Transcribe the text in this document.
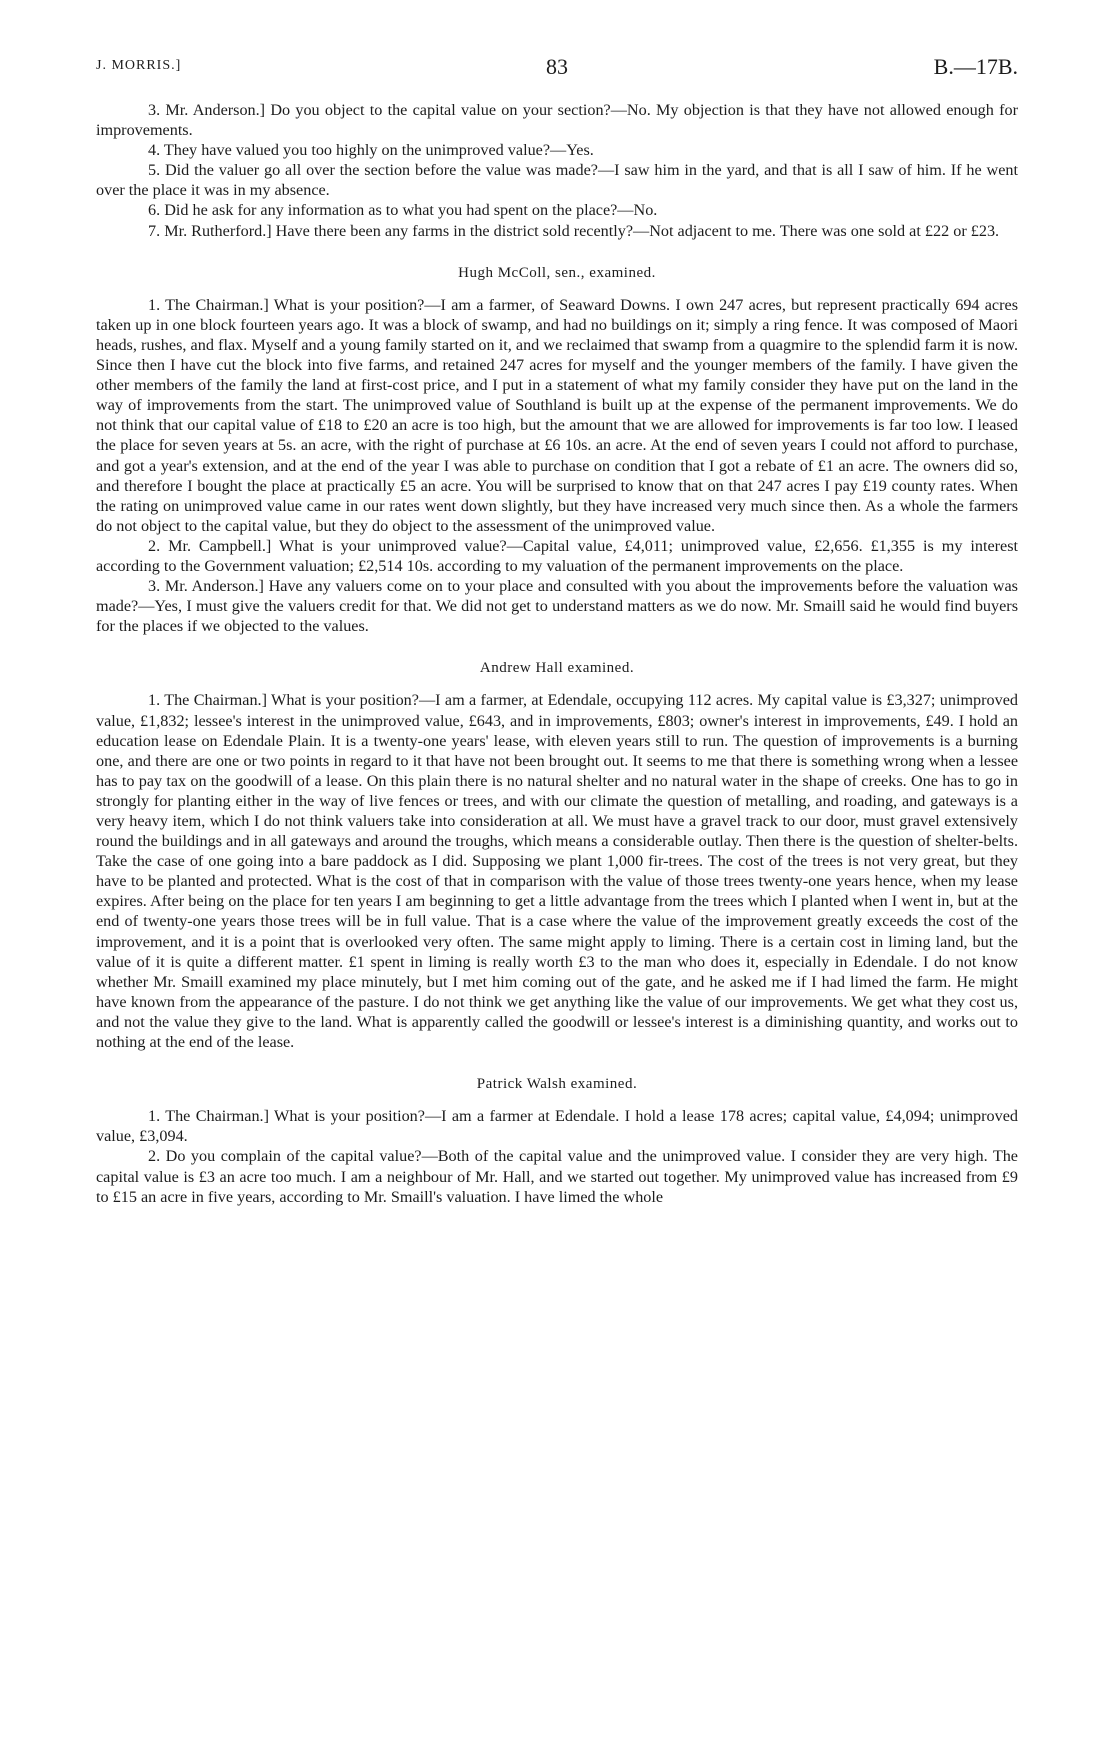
J. MORRIS.]	83	B.—17B.

3. Mr. Anderson.] Do you object to the capital value on your section?—No. My objection is that they have not allowed enough for improvements.

4. They have valued you too highly on the unimproved value?—Yes.

5. Did the valuer go all over the section before the value was made?—I saw him in the yard, and that is all I saw of him. If he went over the place it was in my absence.

6. Did he ask for any information as to what you had spent on the place?—No.

7. Mr. Rutherford.] Have there been any farms in the district sold recently?—Not adjacent to me. There was one sold at £22 or £23.

Hugh McColl, sen., examined.

1. The Chairman.] What is your position?—I am a farmer, of Seaward Downs. I own 247 acres, but represent practically 694 acres taken up in one block fourteen years ago. It was a block of swamp, and had no buildings on it; simply a ring fence. It was composed of Maori heads, rushes, and flax. Myself and a young family started on it, and we reclaimed that swamp from a quagmire to the splendid farm it is now. Since then I have cut the block into five farms, and retained 247 acres for myself and the younger members of the family. I have given the other members of the family the land at first-cost price, and I put in a statement of what my family consider they have put on the land in the way of improvements from the start. The unimproved value of Southland is built up at the expense of the permanent improvements. We do not think that our capital value of £18 to £20 an acre is too high, but the amount that we are allowed for improvements is far too low. I leased the place for seven years at 5s. an acre, with the right of purchase at £6 10s. an acre. At the end of seven years I could not afford to purchase, and got a year's extension, and at the end of the year I was able to purchase on condition that I got a rebate of £1 an acre. The owners did so, and therefore I bought the place at practically £5 an acre. You will be surprised to know that on that 247 acres I pay £19 county rates. When the rating on unimproved value came in our rates went down slightly, but they have increased very much since then. As a whole the farmers do not object to the capital value, but they do object to the assessment of the unimproved value.

2. Mr. Campbell.] What is your unimproved value?—Capital value, £4,011; unimproved value, £2,656. £1,355 is my interest according to the Government valuation; £2,514 10s. according to my valuation of the permanent improvements on the place.

3. Mr. Anderson.] Have any valuers come on to your place and consulted with you about the improvements before the valuation was made?—Yes, I must give the valuers credit for that. We did not get to understand matters as we do now. Mr. Smaill said he would find buyers for the places if we objected to the values.

Andrew Hall examined.

1. The Chairman.] What is your position?—I am a farmer, at Edendale, occupying 112 acres. My capital value is £3,327; unimproved value, £1,832; lessee's interest in the unimproved value, £643, and in improvements, £803; owner's interest in improvements, £49. I hold an education lease on Edendale Plain. It is a twenty-one years' lease, with eleven years still to run. The question of improvements is a burning one, and there are one or two points in regard to it that have not been brought out. It seems to me that there is something wrong when a lessee has to pay tax on the goodwill of a lease. On this plain there is no natural shelter and no natural water in the shape of creeks. One has to go in strongly for planting either in the way of live fences or trees, and with our climate the question of metalling, and roading, and gateways is a very heavy item, which I do not think valuers take into consideration at all. We must have a gravel track to our door, must gravel extensively round the buildings and in all gateways and around the troughs, which means a considerable outlay. Then there is the question of shelter-belts. Take the case of one going into a bare paddock as I did. Supposing we plant 1,000 fir-trees. The cost of the trees is not very great, but they have to be planted and protected. What is the cost of that in comparison with the value of those trees twenty-one years hence, when my lease expires. After being on the place for ten years I am beginning to get a little advantage from the trees which I planted when I went in, but at the end of twenty-one years those trees will be in full value. That is a case where the value of the improvement greatly exceeds the cost of the improvement, and it is a point that is overlooked very often. The same might apply to liming. There is a certain cost in liming land, but the value of it is quite a different matter. £1 spent in liming is really worth £3 to the man who does it, especially in Edendale. I do not know whether Mr. Smaill examined my place minutely, but I met him coming out of the gate, and he asked me if I had limed the farm. He might have known from the appearance of the pasture. I do not think we get anything like the value of our improvements. We get what they cost us, and not the value they give to the land. What is apparently called the goodwill or lessee's interest is a diminishing quantity, and works out to nothing at the end of the lease.

Patrick Walsh examined.

1. The Chairman.] What is your position?—I am a farmer at Edendale. I hold a lease 178 acres; capital value, £4,094; unimproved value, £3,094.

2. Do you complain of the capital value?—Both of the capital value and the unimproved value. I consider they are very high. The capital value is £3 an acre too much. I am a neighbour of Mr. Hall, and we started out together. My unimproved value has increased from £9 to £15 an acre in five years, according to Mr. Smaill's valuation. I have limed the whole
